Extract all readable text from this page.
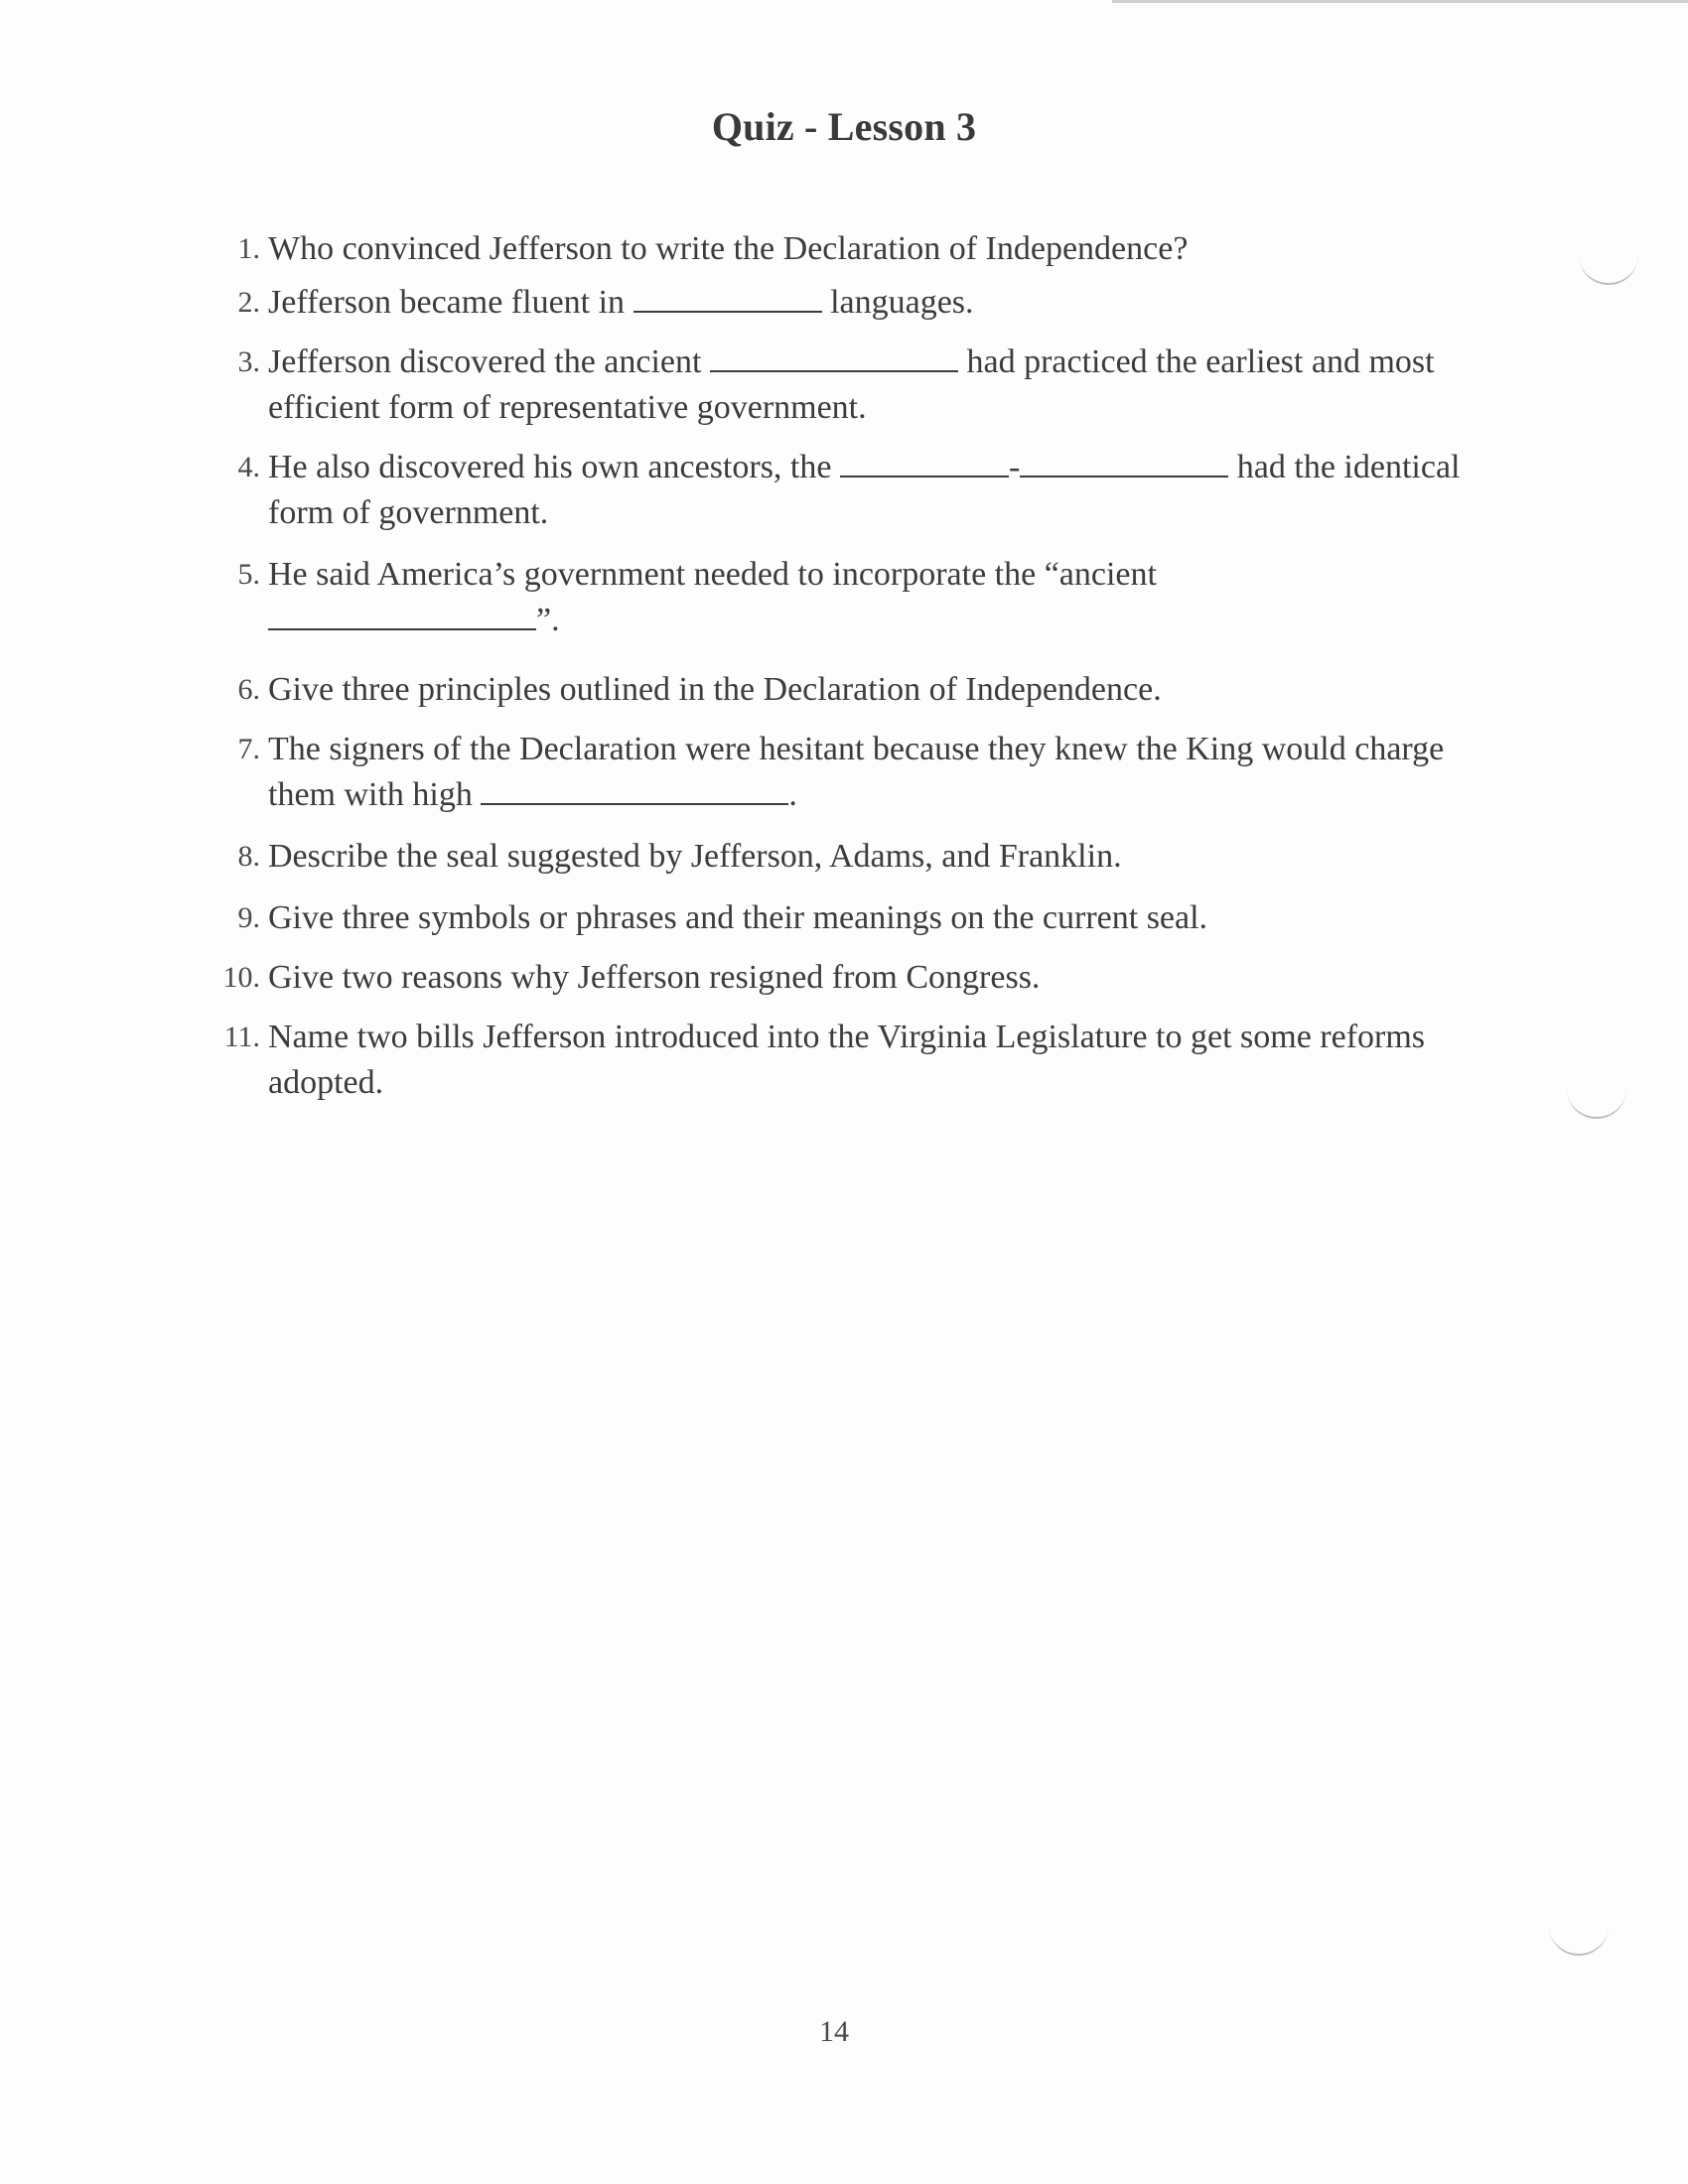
Quiz - Lesson 3
1. Who convinced Jefferson to write the Declaration of Independence?
2. Jefferson became fluent in	languages.
3. Jefferson discovered the ancient	had practiced the earliest and most efficient form of representative government.
4. He also discovered his own ancestors, the	-	had the identical form of government.
5. He said America’s government needed to incorporate the “ancient
”.
6. Give three principles outlined in the Declaration of Independence.
7. The signers of the Declaration were hesitant because they knew the King would charge them with high	.
8. Describe the seal suggested by Jefferson, Adams, and Franklin.
9. Give three symbols or phrases and their meanings on the current seal.
10. Give two reasons why Jefferson resigned from Congress.
11. Name two bills Jefferson introduced into the Virginia Legislature to get some reforms adopted.
14
